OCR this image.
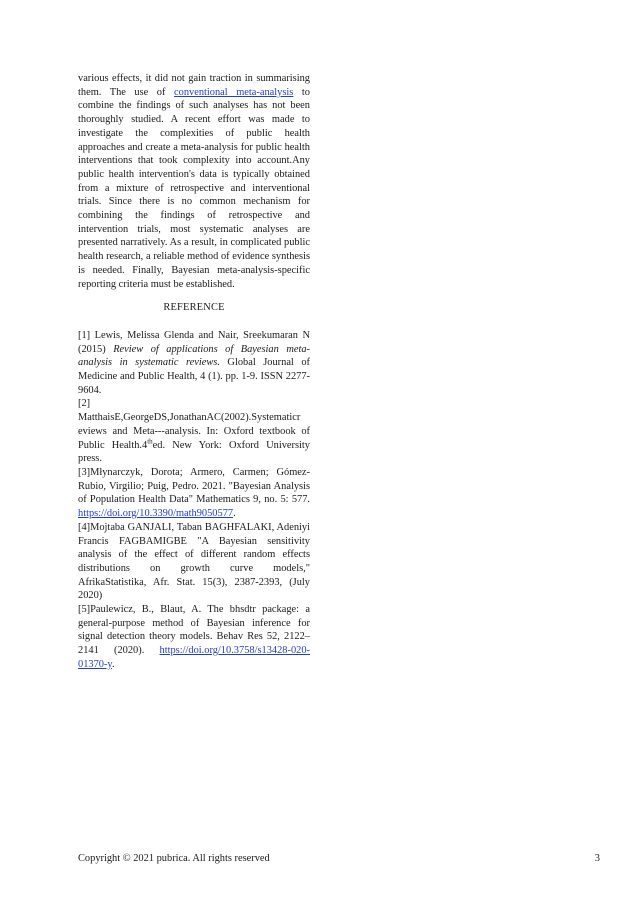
various effects, it did not gain traction in summarising them. The use of conventional meta-analysis to combine the findings of such analyses has not been thoroughly studied. A recent effort was made to investigate the complexities of public health approaches and create a meta-analysis for public health interventions that took complexity into account.Any public health intervention's data is typically obtained from a mixture of retrospective and interventional trials. Since there is no common mechanism for combining the findings of retrospective and intervention trials, most systematic analyses are presented narratively. As a result, in complicated public health research, a reliable method of evidence synthesis is needed. Finally, Bayesian meta-analysis-specific reporting criteria must be established.

REFERENCE

[1] Lewis, Melissa Glenda and Nair, Sreekumaran N (2015) Review of applications of Bayesian meta-analysis in systematic reviews. Global Journal of Medicine and Public Health, 4 (1). pp. 1-9. ISSN 2277-9604.

[2]
MatthaisE,GeorgeDS,JonathanAC(2002).Systematicr eviews and Meta---analysis. In: Oxford textbook of Public Health.4thed. New York: Oxford University press.

[3]Młynarczyk, Dorota; Armero, Carmen; Gómez-Rubio, Virgilio; Puig, Pedro. 2021. "Bayesian Analysis of Population Health Data" Mathematics 9, no. 5: 577. https://doi.org/10.3390/math9050577.

[4]Mojtaba GANJALI, Taban BAGHFALAKI, Adeniyi Francis FAGBAMIGBE "A Bayesian sensitivity analysis of the effect of different random effects distributions on growth curve models," AfrikaStatistika, Afr. Stat. 15(3), 2387-2393, (July 2020)

[5]Paulewicz, B., Blaut, A. The bhsdtr package: a general-purpose method of Bayesian inference for signal detection theory models. Behav Res 52, 2122–2141 (2020). https://doi.org/10.3758/s13428-020-01370-y.

Copyright © 2021 pubrica. All rights reserved	3
